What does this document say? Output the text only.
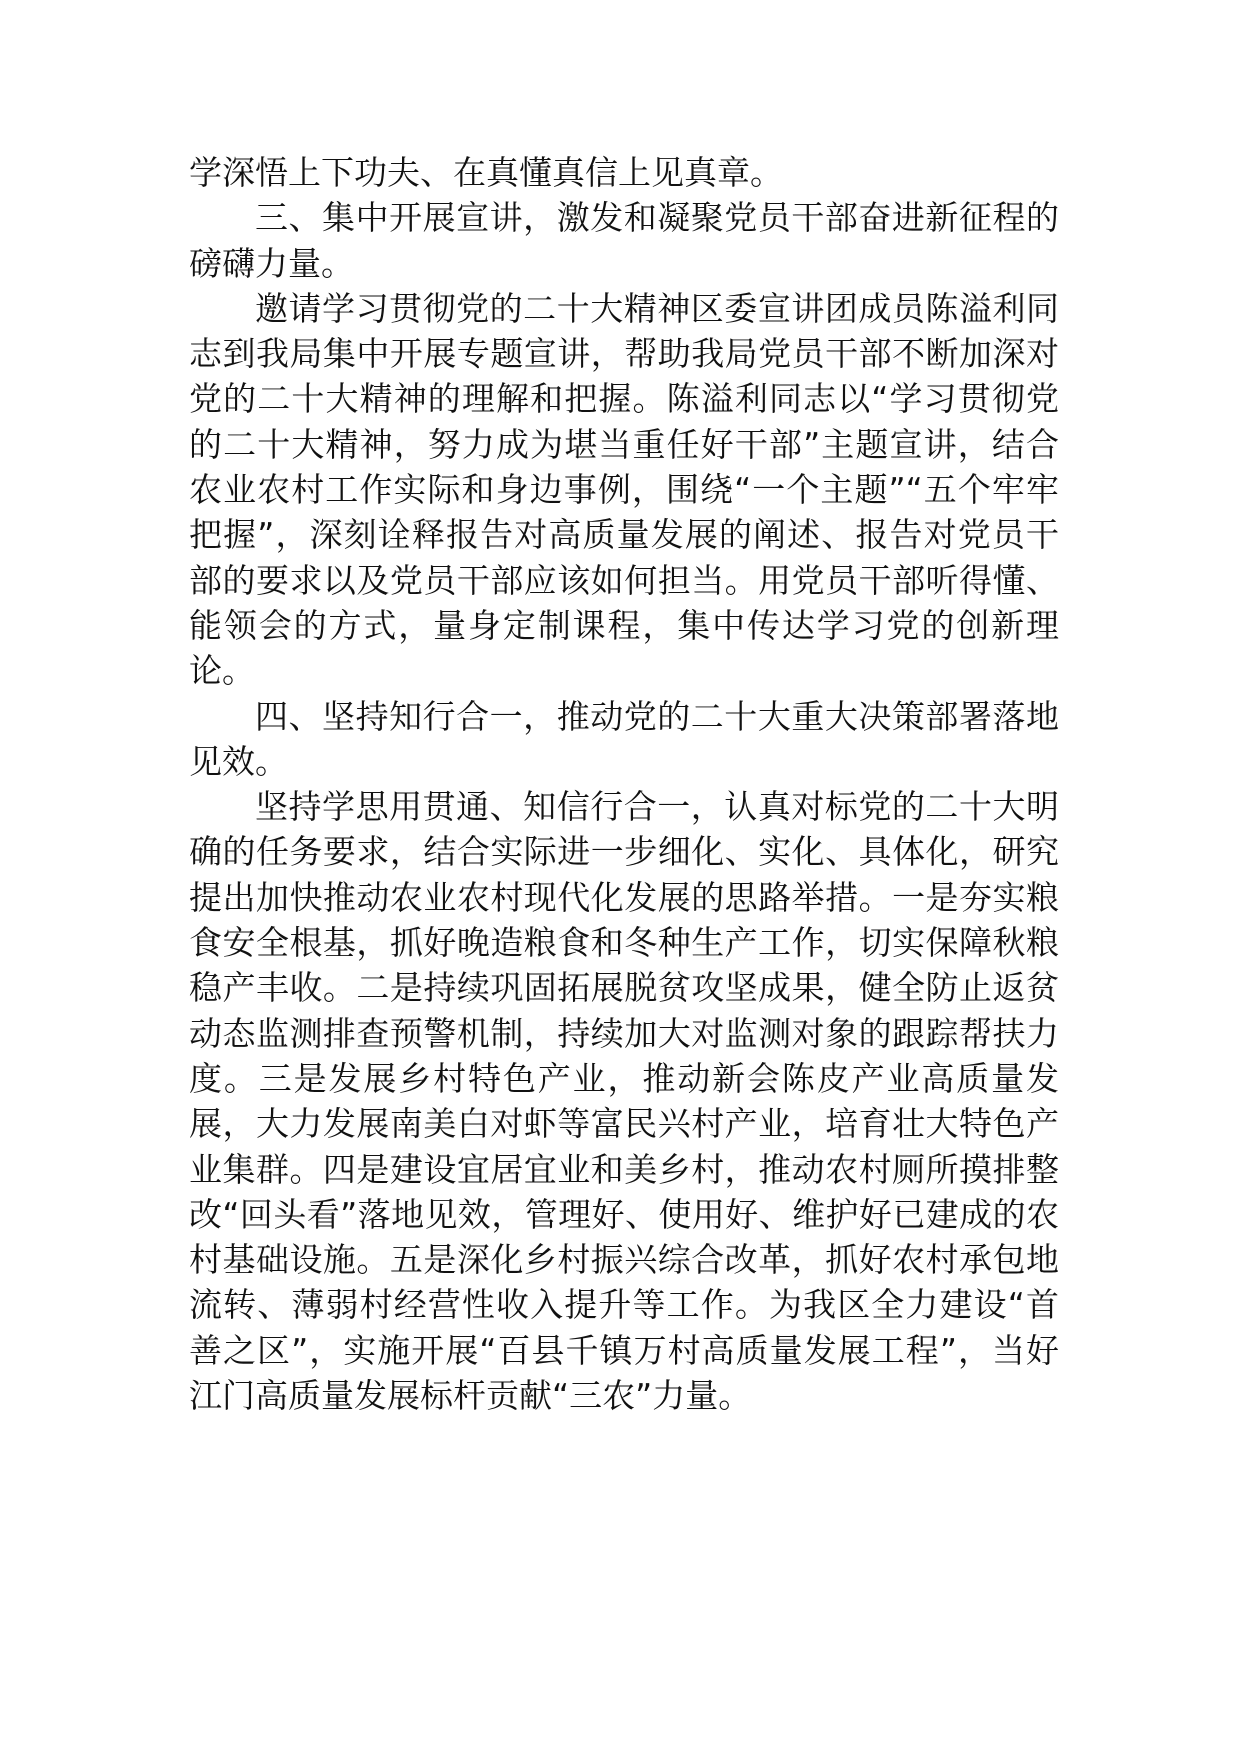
学深悟上下功夫、在真懂真信上见真章。

三、集中开展宣讲，激发和凝聚党员干部奋进新征程的磅礴力量。

邀请学习贯彻党的二十大精神区委宣讲团成员陈溢利同志到我局集中开展专题宣讲，帮助我局党员干部不断加深对党的二十大精神的理解和把握。陈溢利同志以“学习贯彻党的二十大精神，努力成为堪当重任好干部”主题宣讲，结合农业农村工作实际和身边事例，围绕“一个主题”“五个牢牢把握”，深刻诠释报告对高质量发展的阐述、报告对党员干部的要求以及党员干部应该如何担当。用党员干部听得懂、能领会的方式，量身定制课程，集中传达学习党的创新理论。

四、坚持知行合一，推动党的二十大重大决策部署落地见效。

坚持学思用贯通、知信行合一，认真对标党的二十大明确的任务要求，结合实际进一步细化、实化、具体化，研究提出加快推动农业农村现代化发展的思路举措。一是夯实粮食安全根基，抓好晚造粮食和冬种生产工作，切实保障秋粮稳产丰收。二是持续巩固拓展脱贫攻坚成果，健全防止返贫动态监测排查预警机制，持续加大对监测对象的跟踪帮扶力度。三是发展乡村特色产业，推动新会陈皮产业高质量发展，大力发展南美白对虾等富民兴村产业，培育壮大特色产业集群。四是建设宜居宜业和美乡村，推动农村厕所摸排整改“回头看”落地见效，管理好、使用好、维护好已建成的农村基础设施。五是深化乡村振兴综合改革，抓好农村承包地流转、薄弱村经营性收入提升等工作。为我区全力建设“首善之区”，实施开展“百县千镇万村高质量发展工程”，当好江门高质量发展标杆贡献“三农”力量。
